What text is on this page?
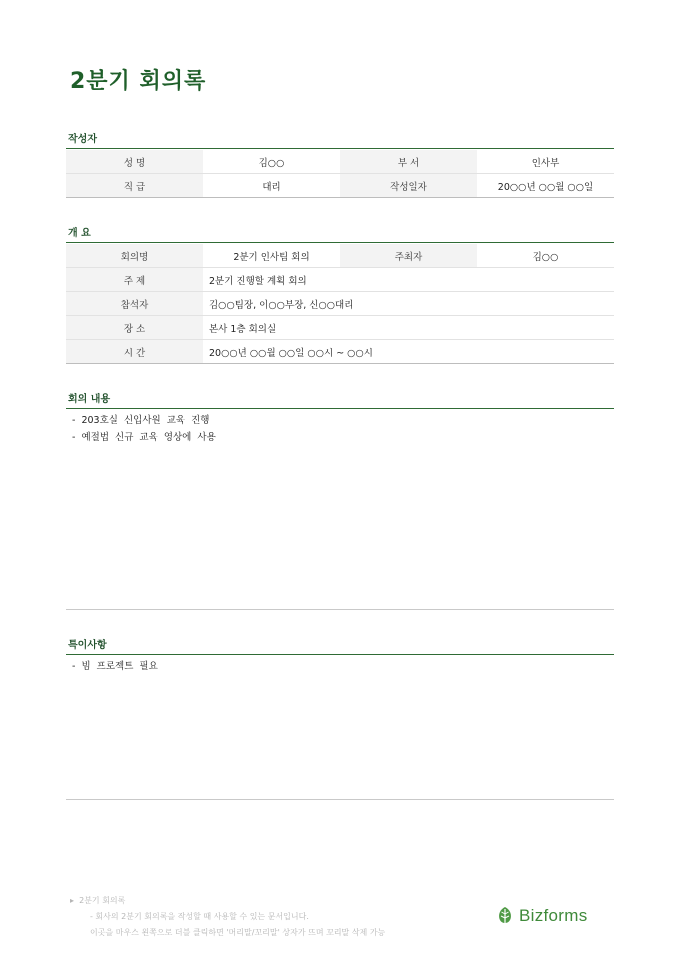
2분기 회의록
작성자
성 명	김○○	부 서	인사부
직 급	대리	작성일자	20○○년 ○○월 ○○일
개 요
회의명	2분기 인사팀 회의	주최자	김○○
주 제	2분기 진행할 계획 회의		
참석자	김○○팀장, 이○○부장, 신○○대리		
장 소	본사 1층 회의실		
시 간	20○○년 ○○월 ○○일 ○○시 ~ ○○시		
회의 내용
-  203호실  신입사원  교육  진행
-  예절법  신규  교육  영상에  사용
특이사항
-  빔  프로젝트  필요
▸ 2분기 회의록
- 회사의 2분기 회의록을 작성할 때 사용할 수 있는 문서입니다.
이곳을 마우스 왼쪽으로 더블 클릭하면 '머리말/꼬리말' 상자가 뜨며 꼬리말 삭제 가능
Bizforms
